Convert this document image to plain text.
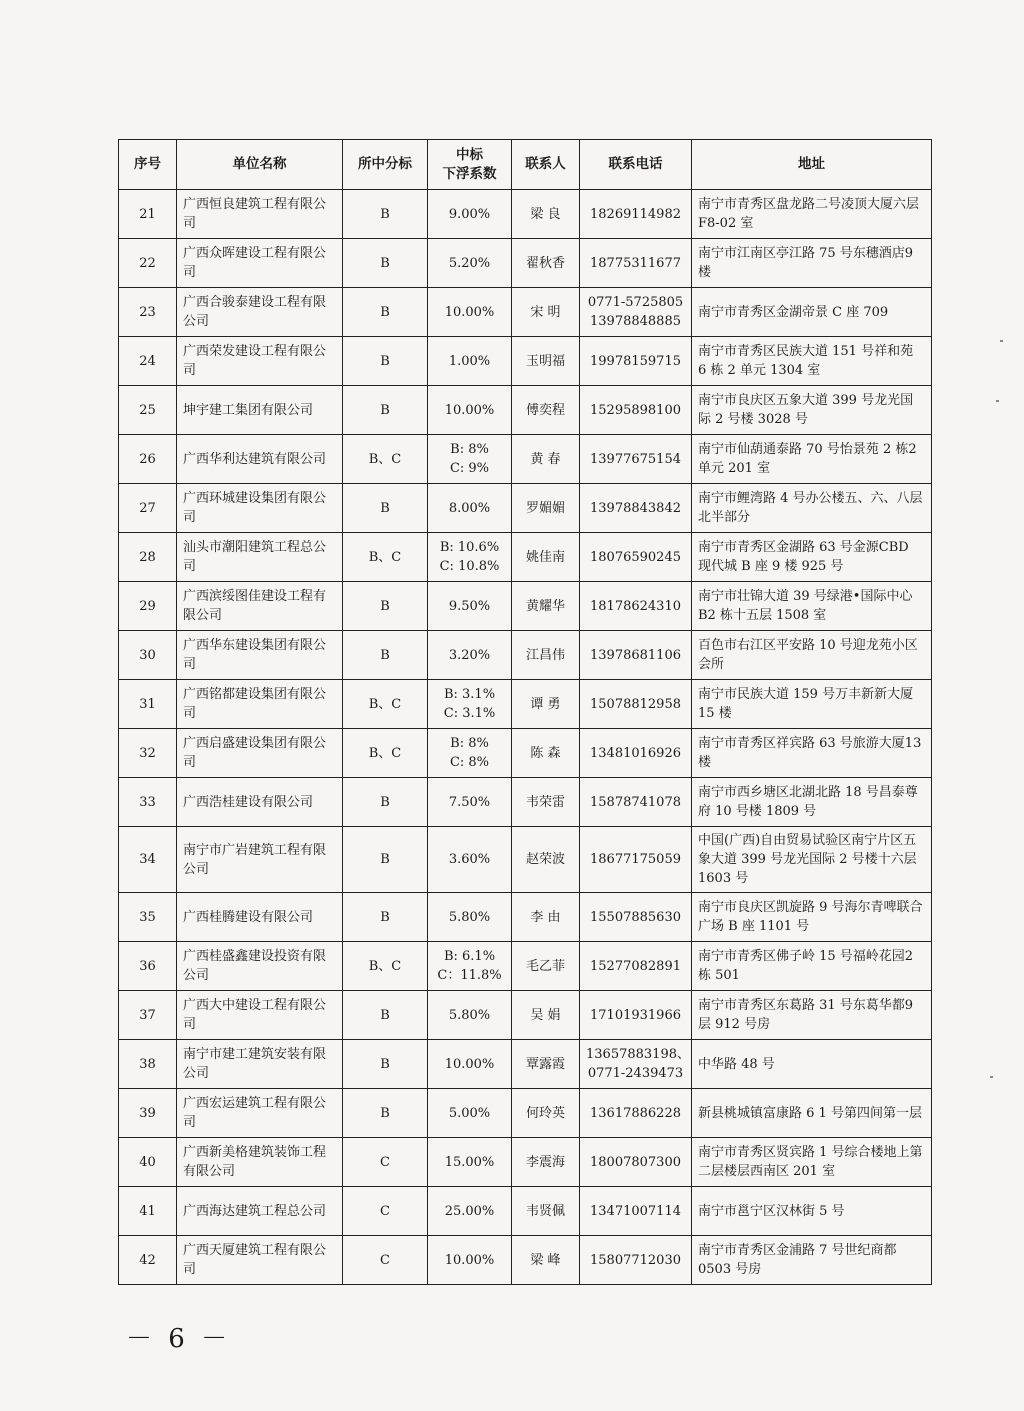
序号	单位名称	所中分标	中标
下浮系数	联系人	联系电话	地址
21	广西恒良建筑工程有限公司	B	9.00%	梁 良	18269114982	南宁市青秀区盘龙路二号凌顶大厦六层 F8-02 室
22	广西众晖建设工程有限公司	B	5.20%	翟秋香	18775311677	南宁市江南区亭江路 75 号东穗酒店9 楼
23	广西合骏泰建设工程有限公司	B	10.00%	宋 明	0771-5725805
13978848885	南宁市青秀区金湖帝景 C 座 709
24	广西荣发建设工程有限公司	B	1.00%	玉明福	19978159715	南宁市青秀区民族大道 151 号祥和苑 6 栋 2 单元 1304 室
25	坤宇建工集团有限公司	B	10.00%	傅奕程	15295898100	南宁市良庆区五象大道 399 号龙光国际 2 号楼 3028 号
26	广西华利达建筑有限公司	B、C	B: 8%
C: 9%	黄 春	13977675154	南宁市仙葫通泰路 70 号怡景苑 2 栋2 单元 201 室
27	广西环城建设集团有限公司	B	8.00%	罗媚媚	13978843842	南宁市鲤湾路 4 号办公楼五、六、八层北半部分
28	汕头市潮阳建筑工程总公司	B、C	B: 10.6%
C: 10.8%	姚佳南	18076590245	南宁市青秀区金湖路 63 号金源CBD 现代城 B 座 9 楼 925 号
29	广西滨绥图佳建设工程有限公司	B	9.50%	黄耀华	18178624310	南宁市壮锦大道 39 号绿港•国际中心 B2 栋十五层 1508 室
30	广西华东建设集团有限公司	B	3.20%	江昌伟	13978681106	百色市右江区平安路 10 号迎龙苑小区会所
31	广西铭都建设集团有限公司	B、C	B: 3.1%
C: 3.1%	谭 勇	15078812958	南宁市民族大道 159 号万丰新新大厦 15 楼
32	广西启盛建设集团有限公司	B、C	B: 8%
C: 8%	陈 森	13481016926	南宁市青秀区祥宾路 63 号旅游大厦13 楼
33	广西浩桂建设有限公司	B	7.50%	韦荣雷	15878741078	南宁市西乡塘区北湖北路 18 号昌泰尊府 10 号楼 1809 号
34	南宁市广岩建筑工程有限公司	B	3.60%	赵荣波	18677175059	中国(广西)自由贸易试验区南宁片区五象大道 399 号龙光国际 2 号楼十六层 1603 号
35	广西桂腾建设有限公司	B	5.80%	李 由	15507885630	南宁市良庆区凯旋路 9 号海尔青啤联合广场 B 座 1101 号
36	广西桂盛鑫建设投资有限公司	B、C	B: 6.1%
C：11.8%	毛乙菲	15277082891	南宁市青秀区佛子岭 15 号福岭花园2 栋 501
37	广西大中建设工程有限公司	B	5.80%	吴 娟	17101931966	南宁市青秀区东葛路 31 号东葛华都9 层 912 号房
38	南宁市建工建筑安装有限公司	B	10.00%	覃露霞	13657883198、
0771-2439473	中华路 48 号
39	广西宏运建筑工程有限公司	B	5.00%	何玲英	13617886228	新县桃城镇富康路 6 1 号第四间第一层
40	广西新美格建筑装饰工程有限公司	C	15.00%	李震海	18007807300	南宁市青秀区贤宾路 1 号综合楼地上第二层楼层西南区 201 室
41	广西海达建筑工程总公司	C	25.00%	韦贤佩	13471007114	南宁市邕宁区汉林街 5 号
42	广西天厦建筑工程有限公司	C	10.00%	梁 峰	15807712030	南宁市青秀区金浦路 7 号世纪商都0503 号房
－ 6 －
